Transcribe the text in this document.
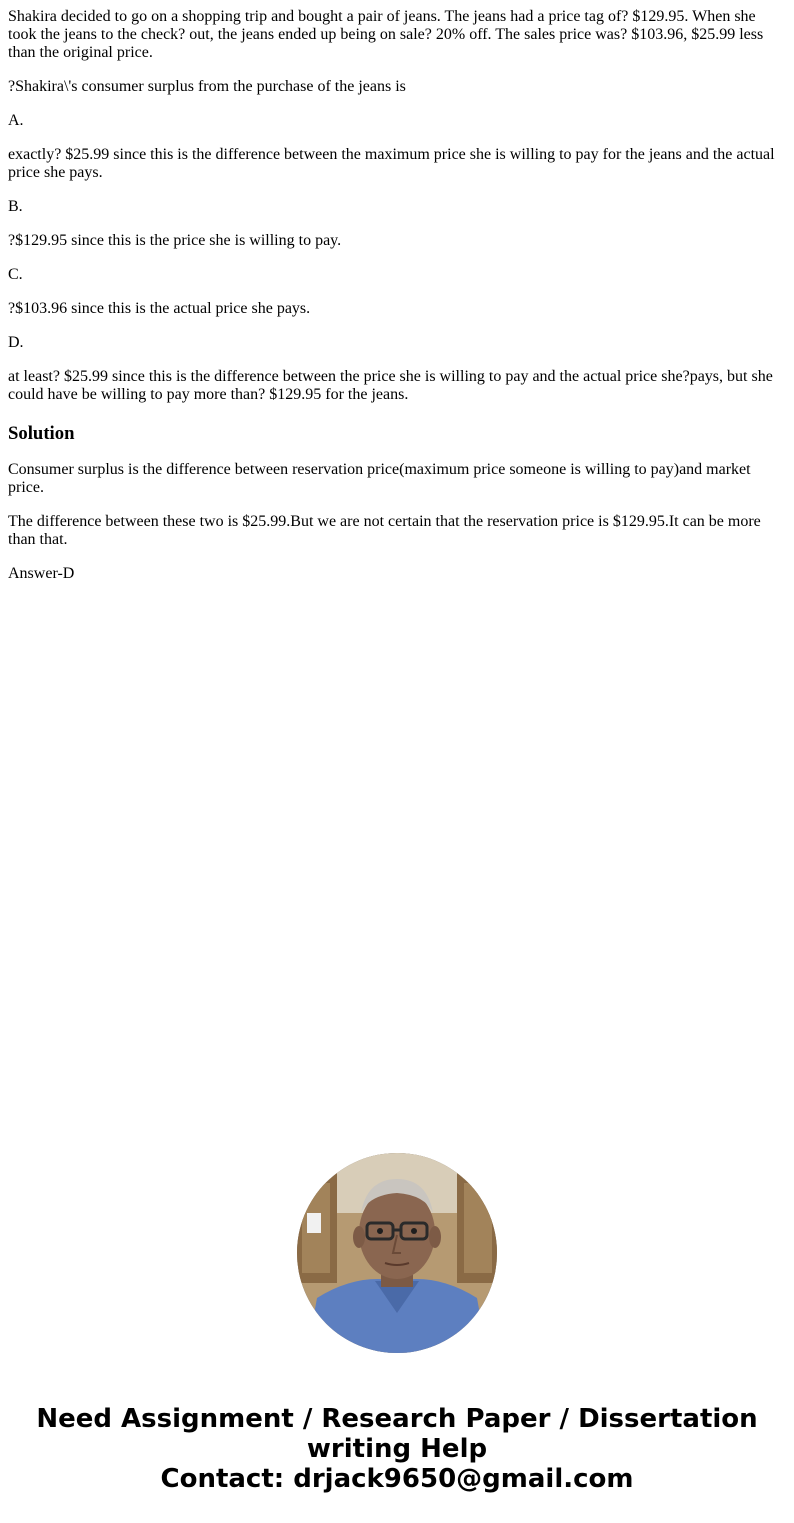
Shakira decided to go on a shopping trip and bought a pair of jeans. The jeans had a price tag of? $129.95. When she took the jeans to the check? out, the jeans ended up being on sale? 20% off. The sales price was? $103.96, $25.99 less than the original price.

?Shakira\'s consumer surplus from the purchase of the jeans is

A.

exactly? $25.99 since this is the difference between the maximum price she is willing to pay for the jeans and the actual price she pays.

B.

?$129.95 since this is the price she is willing to pay.

C.

?$103.96 since this is the actual price she pays.

D.

at least? $25.99 since this is the difference between the price she is willing to pay and the actual price she?pays, but she could have be willing to pay more than? $129.95 for the jeans.

Solution

Consumer surplus is the difference between reservation price(maximum price someone is willing to pay)and market price.

The difference between these two is $25.99.But we are not certain that the reservation price is $129.95.It can be more than that.

Answer-D

Need Assignment / Research Paper / Dissertation
writing Help
Contact: drjack9650@gmail.com
